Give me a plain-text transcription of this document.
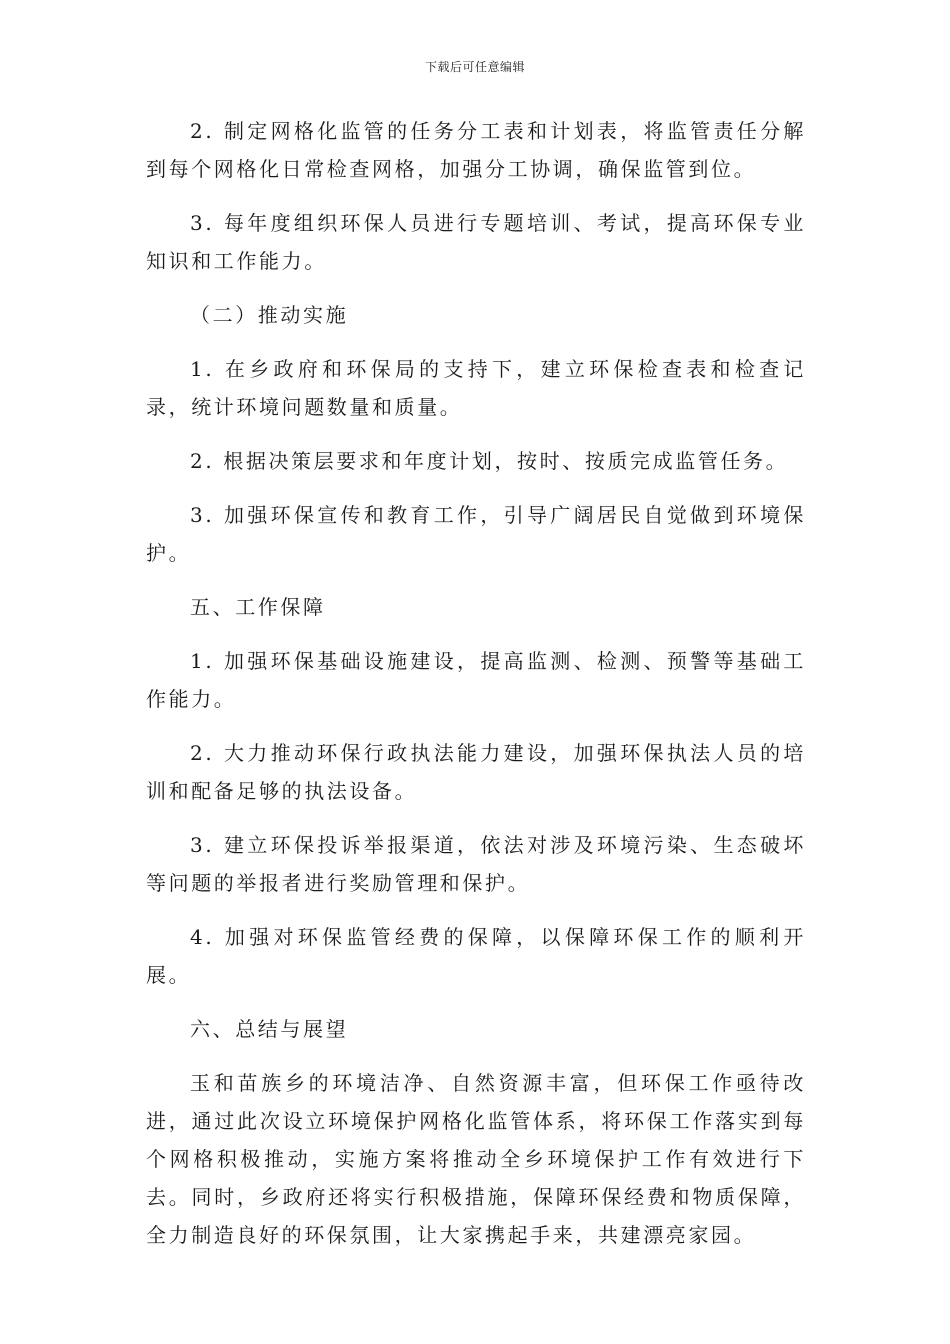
下载后可任意编辑

2. 制定网格化监管的任务分工表和计划表，将监管责任分解到每个网格化日常检查网格，加强分工协调，确保监管到位。

3. 每年度组织环保人员进行专题培训、考试，提高环保专业知识和工作能力。

（二）推动实施

1. 在乡政府和环保局的支持下，建立环保检查表和检查记录，统计环境问题数量和质量。

2. 根据决策层要求和年度计划，按时、按质完成监管任务。

3. 加强环保宣传和教育工作，引导广阔居民自觉做到环境保护。

五、工作保障

1. 加强环保基础设施建设，提高监测、检测、预警等基础工作能力。

2. 大力推动环保行政执法能力建设，加强环保执法人员的培训和配备足够的执法设备。

3. 建立环保投诉举报渠道，依法对涉及环境污染、生态破坏等问题的举报者进行奖励管理和保护。

4. 加强对环保监管经费的保障，以保障环保工作的顺利开展。

六、总结与展望

玉和苗族乡的环境洁净、自然资源丰富，但环保工作亟待改进，通过此次设立环境保护网格化监管体系，将环保工作落实到每个网格积极推动，实施方案将推动全乡环境保护工作有效进行下去。同时，乡政府还将实行积极措施，保障环保经费和物质保障，全力制造良好的环保氛围，让大家携起手来，共建漂亮家园。
